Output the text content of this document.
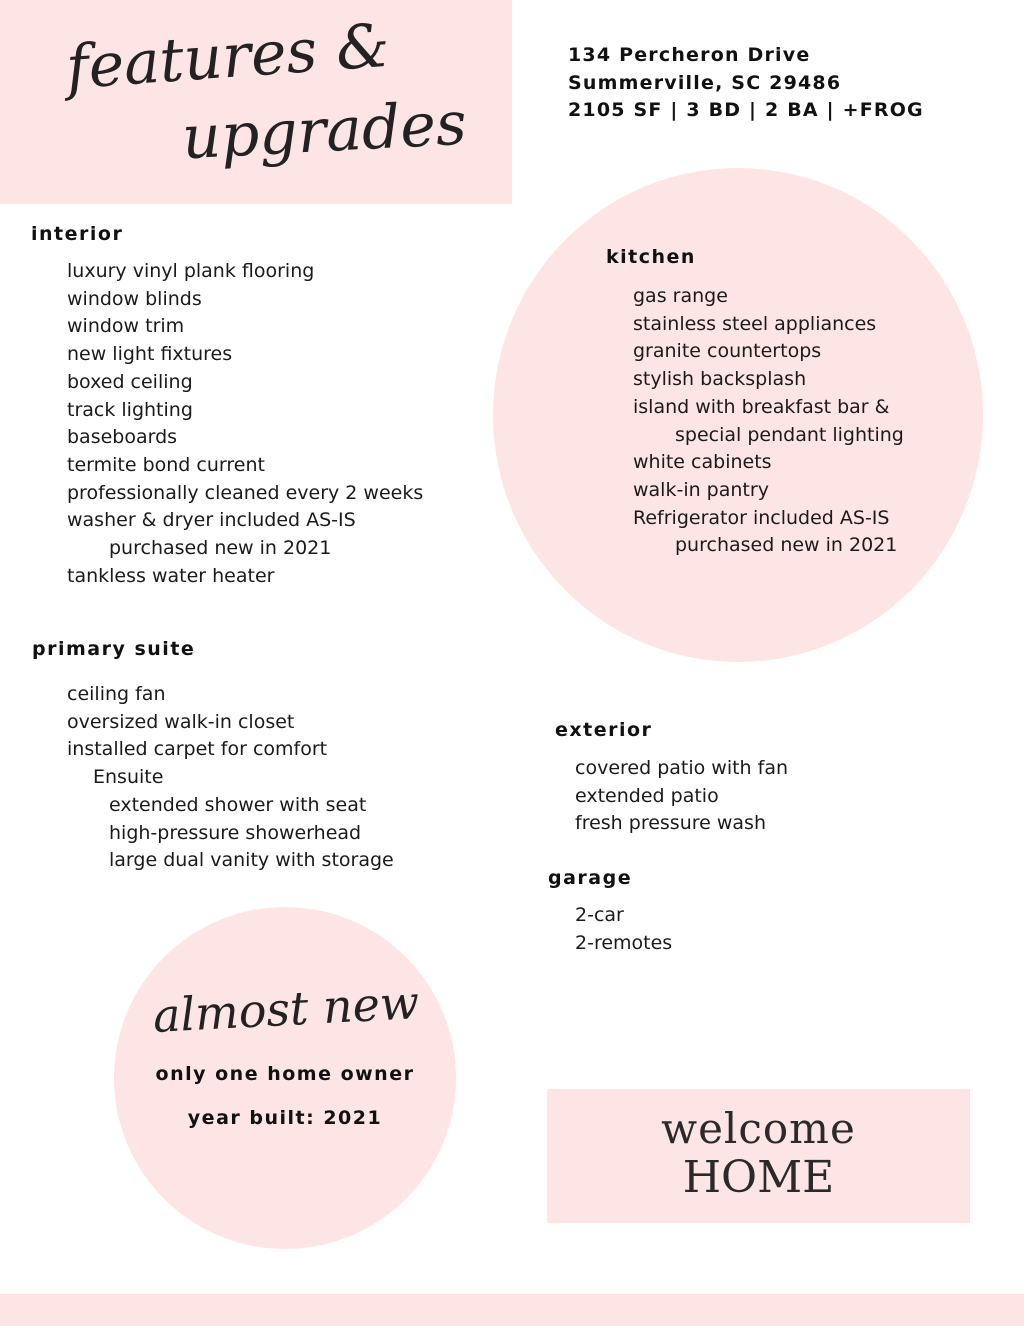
features &
upgrades
134 Percheron Drive
Summerville, SC 29486
2105 SF | 3 BD | 2 BA | +FROG
interior
luxury vinyl plank flooring
window blinds
window trim
new light fixtures
boxed ceiling
track lighting
baseboards
termite bond current
professionally cleaned every 2 weeks
washer & dryer included AS-IS
purchased new in 2021
tankless water heater
kitchen
gas range
stainless steel appliances
granite countertops
stylish backsplash
island with breakfast bar &
special pendant lighting
white cabinets
walk-in pantry
Refrigerator included AS-IS
purchased new in 2021
primary suite
ceiling fan
oversized walk-in closet
installed carpet for comfort
Ensuite
extended shower with seat
high-pressure showerhead
large dual vanity with storage
exterior
covered patio with fan
extended patio
fresh pressure wash
garage
2-car
2-remotes
almost new
only one home owner
year built: 2021	welcome
HOME
